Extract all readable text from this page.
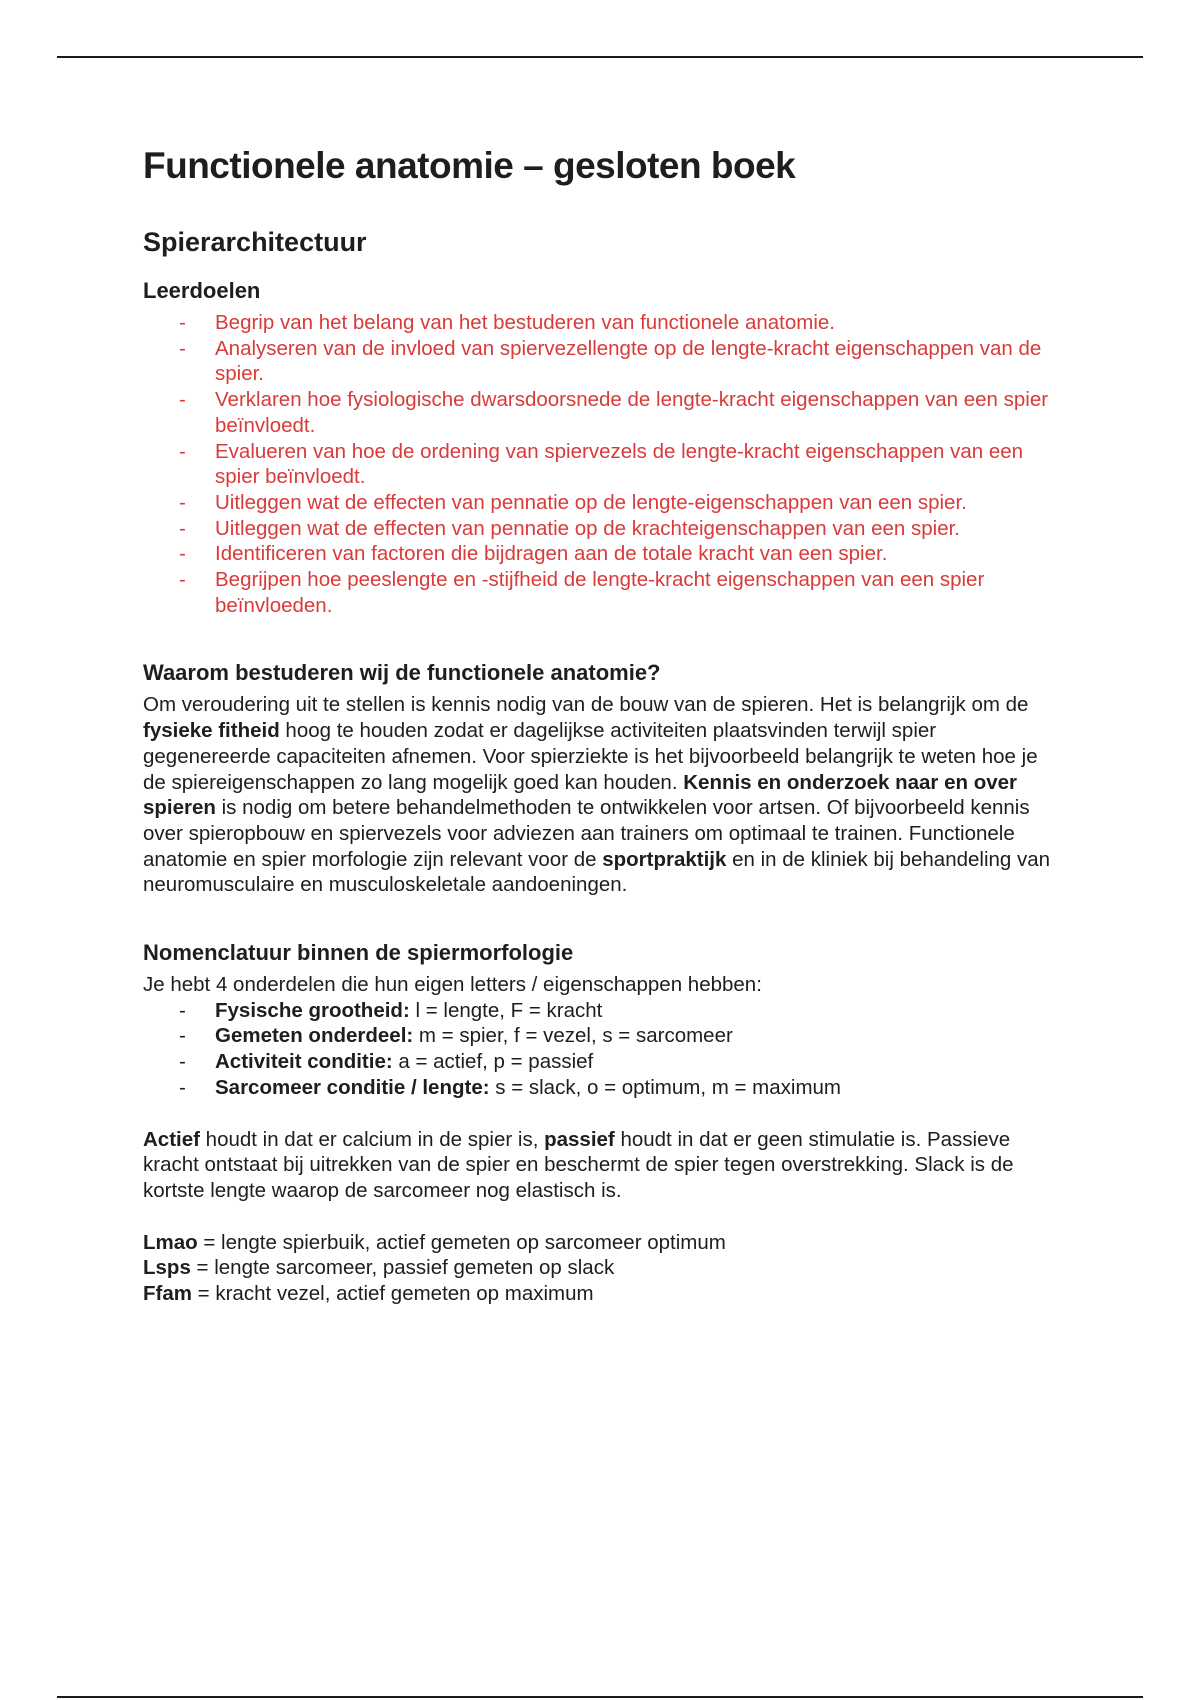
Functionele anatomie – gesloten boek
Spierarchitectuur
Leerdoelen
- Begrip van het belang van het bestuderen van functionele anatomie.
- Analyseren van de invloed van spiervezellengte op de lengte-kracht eigenschappen van de spier.
- Verklaren hoe fysiologische dwarsdoorsnede de lengte-kracht eigenschappen van een spier beïnvloedt.
- Evalueren van hoe de ordening van spiervezels de lengte-kracht eigenschappen van een spier beïnvloedt.
- Uitleggen wat de effecten van pennatie op de lengte-eigenschappen van een spier.
- Uitleggen wat de effecten van pennatie op de krachteigenschappen van een spier.
- Identificeren van factoren die bijdragen aan de totale kracht van een spier.
- Begrijpen hoe peeslengte en -stijfheid de lengte-kracht eigenschappen van een spier beïnvloeden.
Waarom bestuderen wij de functionele anatomie?

Om veroudering uit te stellen is kennis nodig van de bouw van de spieren. Het is belangrijk om de fysieke fitheid hoog te houden zodat er dagelijkse activiteiten plaatsvinden terwijl spier gegenereerde capaciteiten afnemen. Voor spierziekte is het bijvoorbeeld belangrijk te weten hoe je de spiereigenschappen zo lang mogelijk goed kan houden. Kennis en onderzoek naar en over spieren is nodig om betere behandelmethoden te ontwikkelen voor artsen. Of bijvoorbeeld kennis over spieropbouw en spiervezels voor adviezen aan trainers om optimaal te trainen. Functionele anatomie en spier morfologie zijn relevant voor de sportpraktijk en in de kliniek bij behandeling van neuromusculaire en musculoskeletale aandoeningen.

Nomenclatuur binnen de spiermorfologie

Je hebt 4 onderdelen die hun eigen letters / eigenschappen hebben:

- Fysische grootheid: l = lengte, F = kracht
- Gemeten onderdeel: m = spier, f = vezel, s = sarcomeer
- Activiteit conditie: a = actief, p = passief
- Sarcomeer conditie / lengte: s = slack, o = optimum, m = maximum

Actief houdt in dat er calcium in de spier is, passief houdt in dat er geen stimulatie is. Passieve kracht ontstaat bij uitrekken van de spier en beschermt de spier tegen overstrekking. Slack is de kortste lengte waarop de sarcomeer nog elastisch is.

Lmao = lengte spierbuik, actief gemeten op sarcomeer optimum

Lsps = lengte sarcomeer, passief gemeten op slack

Ffam = kracht vezel, actief gemeten op maximum
